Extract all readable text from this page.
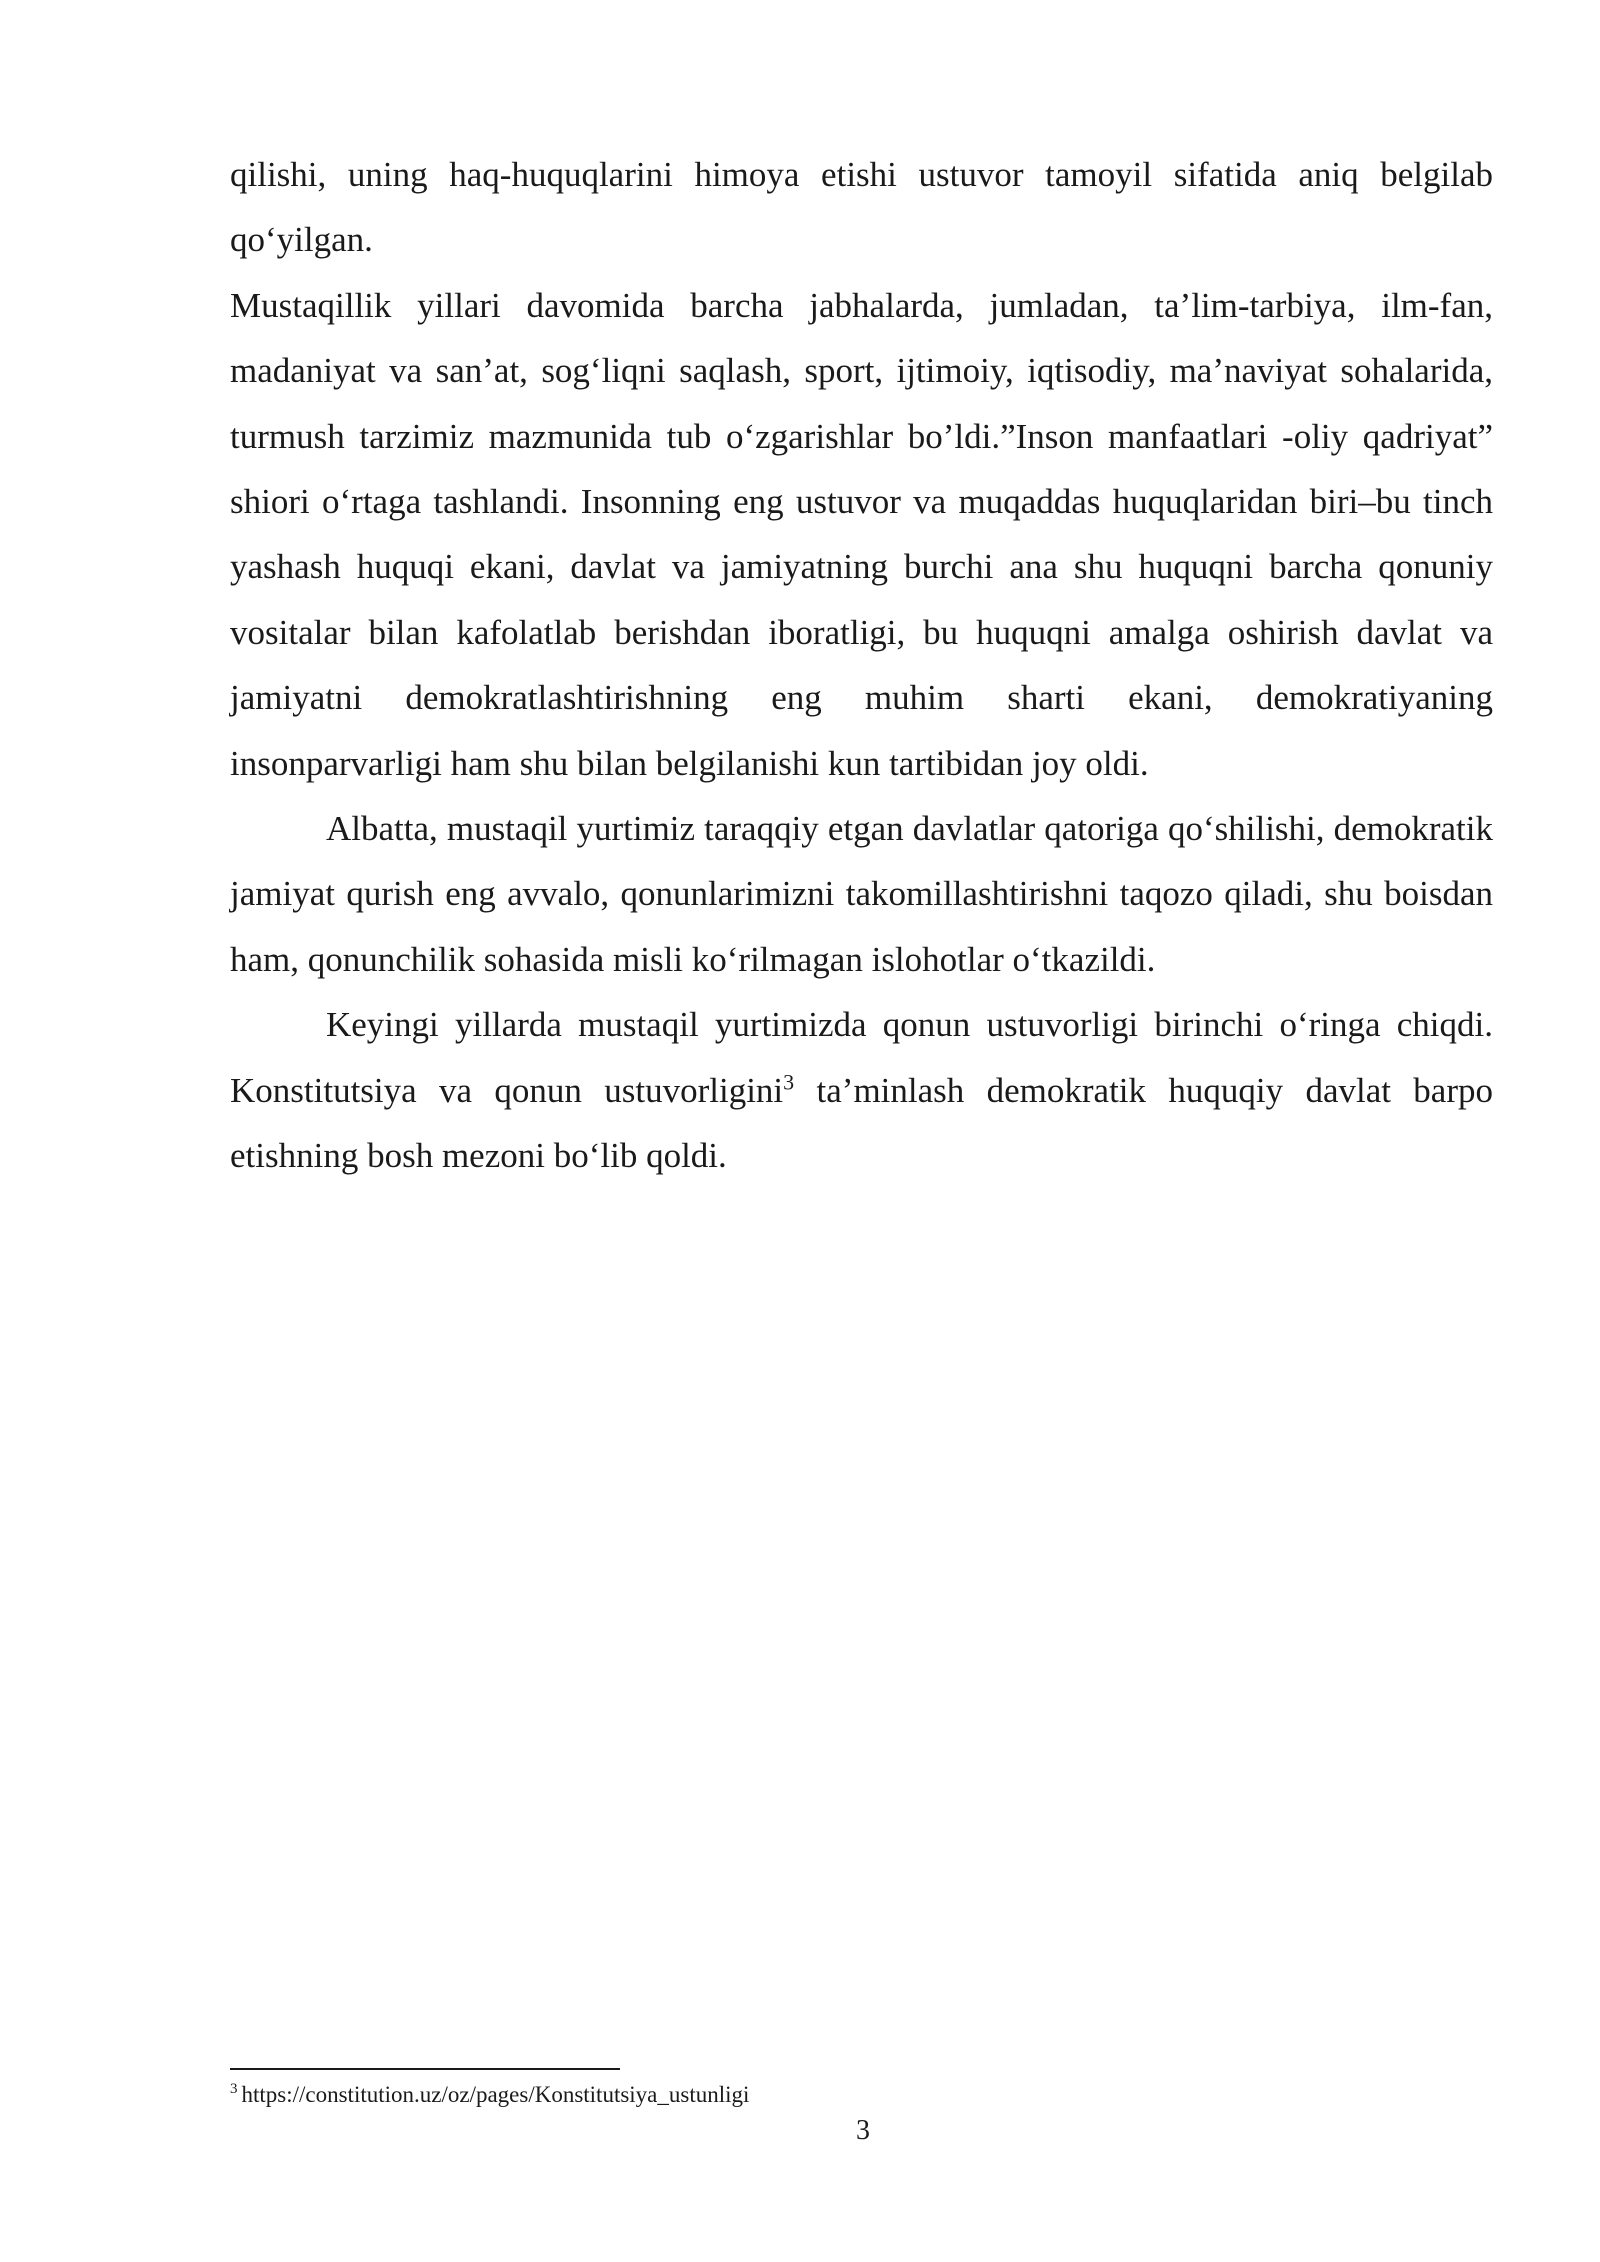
qilishi, uning haq-huquqlarini himoya etishi ustuvor tamoyil sifatida aniq belgilab qo‘yilgan.

Mustaqillik yillari davomida barcha jabhalarda, jumladan, ta’lim-tarbiya, ilm-fan, madaniyat va san’at, sog‘liqni saqlash, sport, ijtimoiy, iqtisodiy, ma’naviyat sohalarida, turmush tarzimiz mazmunida tub o‘zgarishlar bo’ldi.”Inson manfaatlari -oliy qadriyat” shiori o‘rtaga tashlandi. Insonning eng ustuvor va muqaddas huquqlaridan biri–bu tinch yashash huquqi ekani, davlat va jamiyatning burchi ana shu huquqni barcha qonuniy vositalar bilan kafolatlab berishdan iboratligi, bu huquqni amalga oshirish davlat va jamiyatni demokratlashtirishning eng muhim sharti ekani, demokratiyaning insonparvarligi ham shu bilan belgilanishi kun tartibidan joy oldi.

Albatta, mustaqil yurtimiz taraqqiy etgan davlatlar qatoriga qo‘shilishi, demokratik jamiyat qurish eng avvalo, qonunlarimizni takomillashtirishni taqozo qiladi, shu boisdan ham, qonunchilik sohasida misli ko‘rilmagan islohotlar o‘tkazildi.

Keyingi yillarda mustaqil yurtimizda qonun ustuvorligi birinchi o‘ringa chiqdi. Konstitutsiya va qonun ustuvorligini$^3$ ta’minlash demokratik huquqiy davlat barpo etishning bosh mezoni bo‘lib qoldi.

$^3$ https://constitution.uz/oz/pages/Konstitutsiya_ustunligi
3
